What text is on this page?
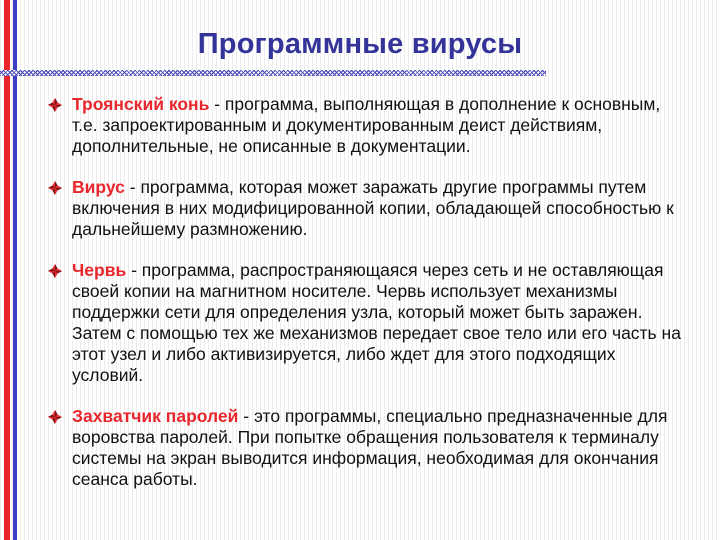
Программные вирусы
Троянский конь - программа, выполняющая в дополнение к основным, т.е. запроектированным и документированным деист действиям, дополнительные, не описанные в документации.
Вирус - программа, которая может заражать другие программы путем включения в них модифицированной копии, обладающей способностью к дальнейшему размножению.
Червь - программа, распространяющаяся через сеть и не оставляющая своей копии на магнитном носителе. Червь использует механизмы поддержки сети для определения узла, который может быть заражен. Затем с помощью тех же механизмов передает свое тело или его часть на этот узел и либо активизируется, либо ждет для этого подходящих условий.
Захватчик паролей - это программы, специально предназначенные для воровства паролей. При попытке обращения пользователя к терминалу системы на экран выводится информация, необходимая для окончания сеанса работы.
